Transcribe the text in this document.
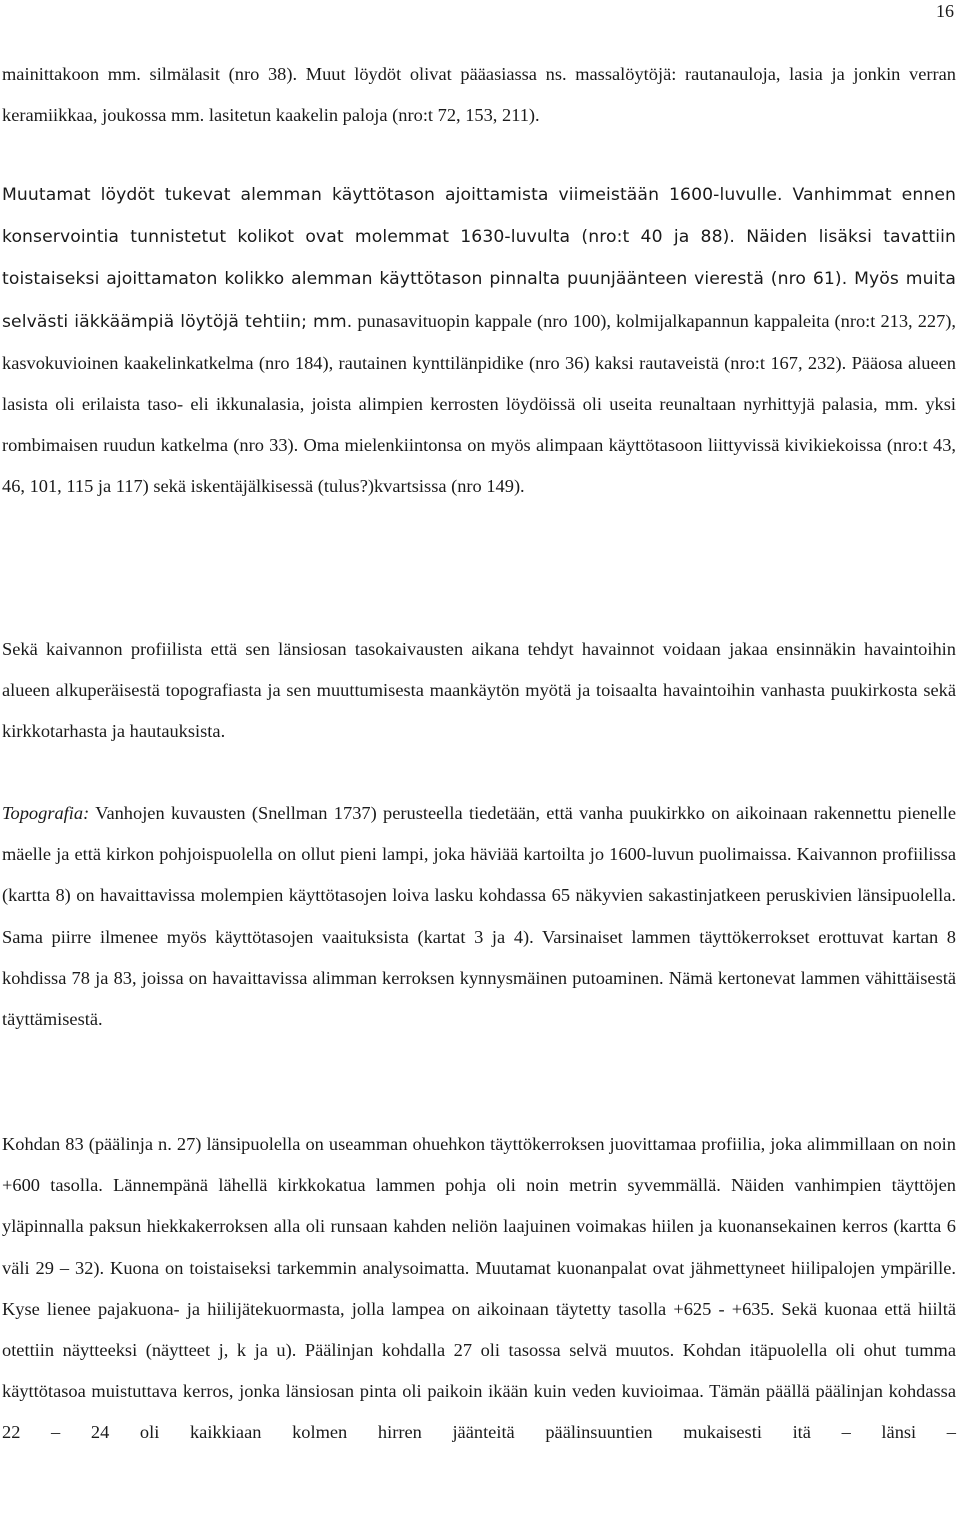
16

mainittakoon mm. silmälasit (nro 38). Muut löydöt olivat pääasiassa ns. massalöytöjä: rautanauloja, lasia ja jonkin verran keramiikkaa, joukossa mm. lasitetun kaakelin paloja (nro:t 72, 153, 211).

Muutamat löydöt tukevat alemman käyttötason ajoittamista viimeistään 1600-luvulle. Vanhimmat ennen konservointia tunnistetut kolikot ovat molemmat 1630-luvulta (nro:t 40 ja 88). Näiden lisäksi tavattiin toistaiseksi ajoittamaton kolikko alemman käyttötason pinnalta puunjäänteen vierestä (nro 61). Myös muita selvästi iäkkäämpiä löytöjä tehtiin; mm. punasavituopin kappale (nro 100), kolmijalkapannun kappaleita (nro:t 213, 227), kasvokuvioinen kaakelinkatkelma (nro 184), rautainen kynttilänpidike (nro 36) kaksi rautaveistä (nro:t 167, 232). Pääosa alueen lasista oli erilaista taso- eli ikkunalasia, joista alimpien kerrosten löydöissä oli useita reunaltaan nyrhittyjä palasia, mm. yksi rombimaisen ruudun katkelma (nro 33). Oma mielenkiintonsa on myös alimpaan käyttötasoon liittyvissä kivikiekoissa (nro:t 43, 46, 101, 115 ja 117) sekä iskentäjälkisessä (tulus?)kvartsissa (nro 149).

Sekä kaivannon profiilista että sen länsiosan tasokaivausten aikana tehdyt havainnot voidaan jakaa ensinnäkin havaintoihin alueen alkuperäisestä topografiasta ja sen muuttumisesta maankäytön myötä ja toisaalta havaintoihin vanhasta puukirkosta sekä kirkkotarhasta ja hautauksista.

Topografia: Vanhojen kuvausten (Snellman 1737) perusteella tiedetään, että vanha puukirkko on aikoinaan rakennettu pienelle mäelle ja että kirkon pohjoispuolella on ollut pieni lampi, joka häviää kartoilta jo 1600-luvun puolimaissa. Kaivannon profiilissa (kartta 8) on havaittavissa molempien käyttötasojen loiva lasku kohdassa 65 näkyvien sakastinjatkeen peruskivien länsipuolella. Sama piirre ilmenee myös käyttötasojen vaaituksista (kartat 3 ja 4). Varsinaiset lammen täyttökerrokset erottuvat kartan 8 kohdissa 78 ja 83, joissa on havaittavissa alimman kerroksen kynnysmäinen putoaminen. Nämä kertonevat lammen vähittäisestä täyttämisestä.

Kohdan 83 (päälinja n. 27) länsipuolella on useamman ohuehkon täyttökerroksen juovittamaa profiilia, joka alimmillaan on noin +600 tasolla. Lännempänä lähellä kirkkokatua lammen pohja oli noin metrin syvemmällä. Näiden vanhimpien täyttöjen yläpinnalla paksun hiekkakerroksen alla oli runsaan kahden neliön laajuinen voimakas hiilen ja kuonansekainen kerros (kartta 6 väli 29 – 32). Kuona on toistaiseksi tarkemmin analysoimatta. Muutamat kuonanpalat ovat jähmettyneet hiilipalojen ympärille. Kyse lienee pajakuona- ja hiilijätekuormasta, jolla lampea on aikoinaan täytetty tasolla +625 - +635. Sekä kuonaa että hiiltä otettiin näytteeksi (näytteet j, k ja u). Päälinjan kohdalla 27 oli tasossa selvä muutos. Kohdan itäpuolella oli ohut tumma käyttötasoa muistuttava kerros, jonka länsiosan pinta oli paikoin ikään kuin veden kuvioimaa. Tämän päällä päälinjan kohdassa 22 – 24 oli kaikkiaan kolmen hirren jäänteitä päälinsuuntien mukaisesti itä – länsi –
